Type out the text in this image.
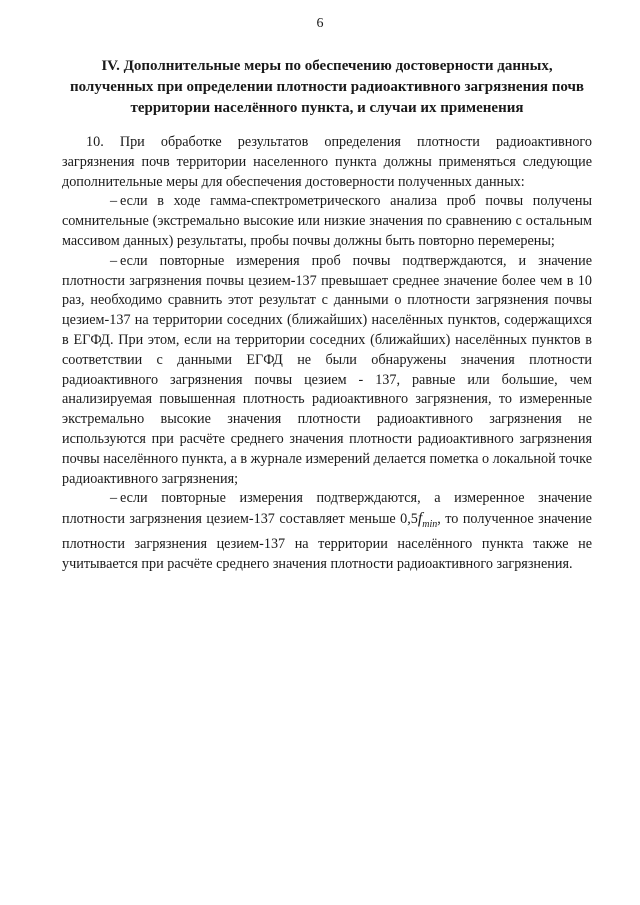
6
IV. Дополнительные меры по обеспечению достоверности данных,
полученных при определении плотности радиоактивного загрязнения почв
территории населённого пункта, и случаи их применения

10. При обработке результатов определения плотности радиоактивного загрязнения почв территории населенного пункта должны применяться следующие дополнительные меры для обеспечения достоверности полученных данных:

– если в ходе гамма-спектрометрического анализа проб почвы получены сомнительные (экстремально высокие или низкие значения по сравнению с остальным массивом данных) результаты, пробы почвы должны быть повторно перемерены;

– если повторные измерения проб почвы подтверждаются, и значение плотности загрязнения почвы цезием-137 превышает среднее значение более чем в 10 раз, необходимо сравнить этот результат с данными о плотности загрязнения почвы цезием-137 на территории соседних (ближайших) населённых пунктов, содержащихся в ЕГФД. При этом, если на территории соседних (ближайших) населённых пунктов в соответствии с данными ЕГФД не были обнаружены значения плотности радиоактивного загрязнения почвы цезием - 137, равные или большие, чем анализируемая повышенная плотность радиоактивного загрязнения, то измеренные экстремально высокие значения плотности радиоактивного загрязнения не используются при расчёте среднего значения плотности радиоактивного загрязнения почвы населённого пункта, а в журнале измерений делается пометка о локальной точке радиоактивного загрязнения;

– если повторные измерения подтверждаются, а измеренное значение плотности загрязнения цезием-137 составляет меньше $0,5f_{min}$, то полученное значение плотности загрязнения цезием-137 на территории населённого пункта также не учитывается при расчёте среднего значения плотности радиоактивного загрязнения.
